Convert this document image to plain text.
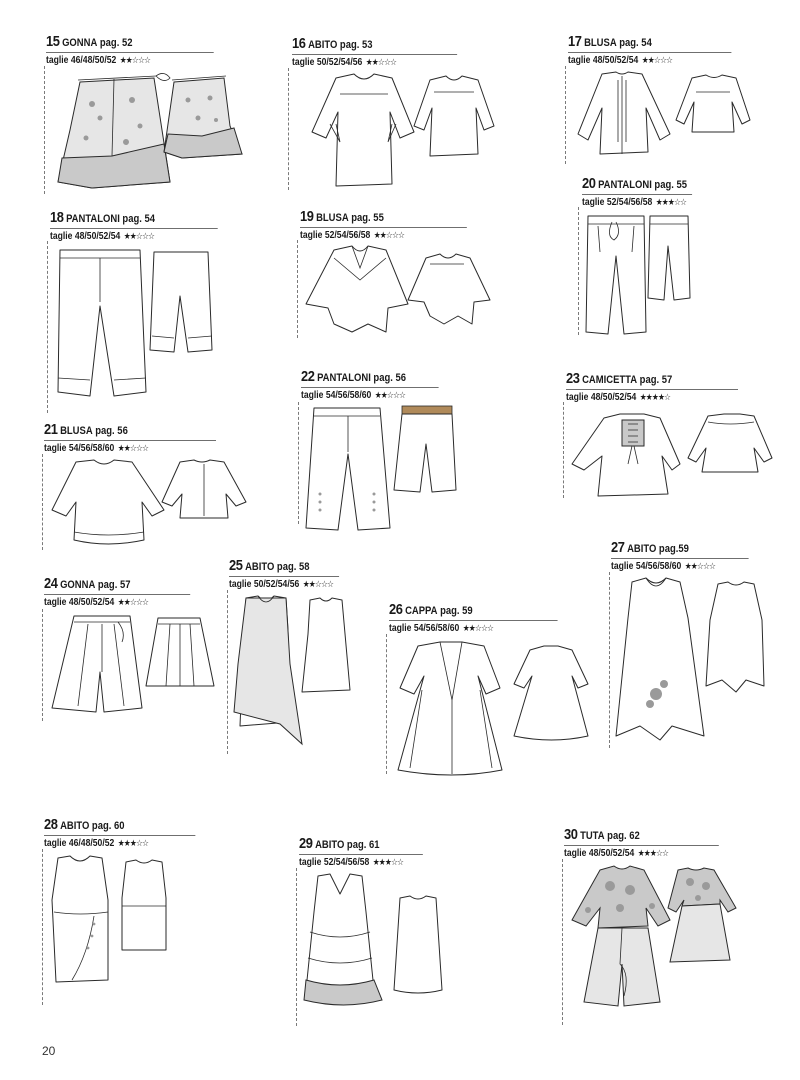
15 GONNA pag. 52
taglie 46/48/50/52 ★★☆☆☆
16 ABITO pag. 53
taglie 50/52/54/56 ★★☆☆☆
17 BLUSA pag. 54
taglie 48/50/52/54 ★★☆☆☆
18 PANTALONI pag. 54
taglie 48/50/52/54 ★★☆☆☆
19 BLUSA pag. 55
taglie 52/54/56/58 ★★☆☆☆
20 PANTALONI pag. 55
taglie 52/54/56/58 ★★★☆☆
21 BLUSA pag. 56
taglie 54/56/58/60 ★★☆☆☆
22 PANTALONI pag. 56
taglie 54/56/58/60 ★★☆☆☆
23 CAMICETTA pag. 57
taglie 48/50/52/54 ★★★★☆
24 GONNA pag. 57
taglie 48/50/52/54 ★★☆☆☆
25 ABITO pag. 58
taglie 50/52/54/56 ★★☆☆☆
26 CAPPA pag. 59
taglie 54/56/58/60 ★★☆☆☆
27 ABITO pag.59
taglie 54/56/58/60 ★★☆☆☆
28 ABITO pag. 60
taglie 46/48/50/52 ★★★☆☆	29 ABITO pag. 61
taglie 52/54/56/58 ★★★☆☆
30 TUTA pag. 62
taglie 48/50/52/54 ★★★☆☆
20
